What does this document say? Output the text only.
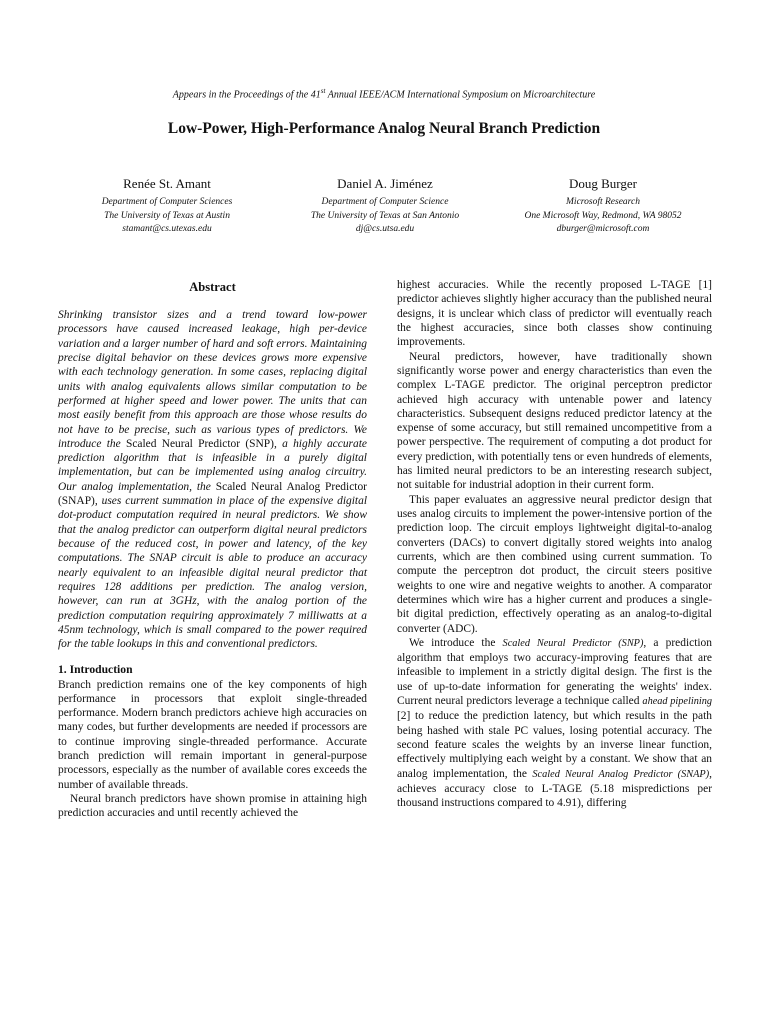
Appears in the Proceedings of the 41st Annual IEEE/ACM International Symposium on Microarchitecture
Low-Power, High-Performance Analog Neural Branch Prediction
Renée St. Amant
Department of Computer Sciences
The University of Texas at Austin
stamant@cs.utexas.edu
Daniel A. Jiménez
Department of Computer Science
The University of Texas at San Antonio
dj@cs.utsa.edu
Doug Burger
Microsoft Research
One Microsoft Way, Redmond, WA 98052
dburger@microsoft.com
Abstract

Shrinking transistor sizes and a trend toward low-power processors have caused increased leakage, high per-device variation and a larger number of hard and soft errors. Maintaining precise digital behavior on these devices grows more expensive with each technology generation. In some cases, replacing digital units with analog equivalents allows similar computation to be performed at higher speed and lower power. The units that can most easily benefit from this approach are those whose results do not have to be precise, such as various types of predictors. We introduce the Scaled Neural Predictor (SNP), a highly accurate prediction algorithm that is infeasible in a purely digital implementation, but can be implemented using analog circuitry. Our analog implementation, the Scaled Neural Analog Predictor (SNAP), uses current summation in place of the expensive digital dot-product computation required in neural predictors. We show that the analog predictor can outperform digital neural predictors because of the reduced cost, in power and latency, of the key computations. The SNAP circuit is able to produce an accuracy nearly equivalent to an infeasible digital neural predictor that requires 128 additions per prediction. The analog version, however, can run at 3GHz, with the analog portion of the prediction computation requiring approximately 7 milliwatts at a 45nm technology, which is small compared to the power required for the table lookups in this and conventional predictors.

1. Introduction

Branch prediction remains one of the key components of high performance in processors that exploit single-threaded performance. Modern branch predictors achieve high accuracies on many codes, but further developments are needed if processors are to continue improving single-threaded performance. Accurate branch prediction will remain important in general-purpose processors, especially as the number of available cores exceeds the number of available threads.

Neural branch predictors have shown promise in attaining high prediction accuracies and until recently achieved the

highest accuracies. While the recently proposed L-TAGE [1] predictor achieves slightly higher accuracy than the published neural designs, it is unclear which class of predictor will eventually reach the highest accuracies, since both classes show continuing improvements.

Neural predictors, however, have traditionally shown significantly worse power and energy characteristics than even the complex L-TAGE predictor. The original perceptron predictor achieved high accuracy with untenable power and latency characteristics. Subsequent designs reduced predictor latency at the expense of some accuracy, but still remained uncompetitive from a power perspective. The requirement of computing a dot product for every prediction, with potentially tens or even hundreds of elements, has limited neural predictors to be an interesting research subject, not suitable for industrial adoption in their current form.

This paper evaluates an aggressive neural predictor design that uses analog circuits to implement the power-intensive portion of the prediction loop. The circuit employs lightweight digital-to-analog converters (DACs) to convert digitally stored weights into analog currents, which are then combined using current summation. To compute the perceptron dot product, the circuit steers positive weights to one wire and negative weights to another. A comparator determines which wire has a higher current and produces a single-bit digital prediction, effectively operating as an analog-to-digital converter (ADC).

We introduce the Scaled Neural Predictor (SNP), a prediction algorithm that employs two accuracy-improving features that are infeasible to implement in a strictly digital design. The first is the use of up-to-date information for generating the weights' index. Current neural predictors leverage a technique called ahead pipelining [2] to reduce the prediction latency, but which results in the path being hashed with stale PC values, losing potential accuracy. The second feature scales the weights by an inverse linear function, effectively multiplying each weight by a constant. We show that an analog implementation, the Scaled Neural Analog Predictor (SNAP), achieves accuracy close to L-TAGE (5.18 mispredictions per thousand instructions compared to 4.91), differing
